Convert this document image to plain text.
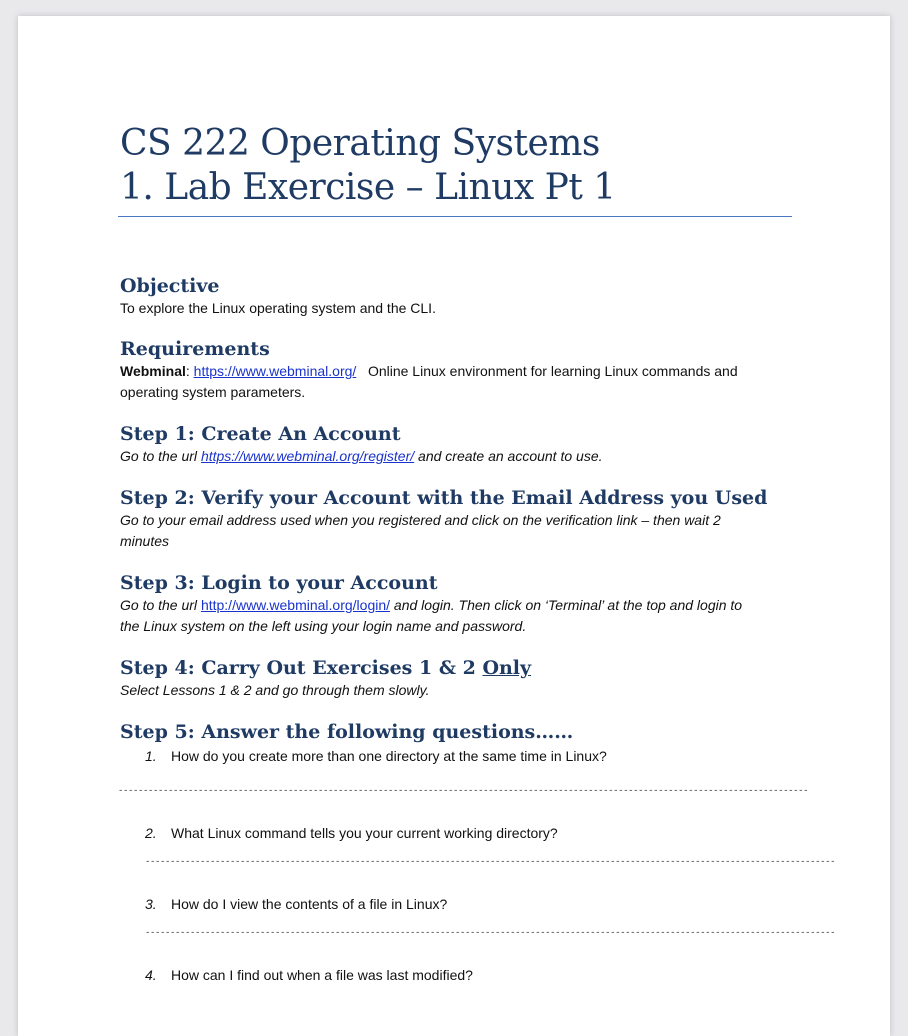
CS 222 Operating Systems
1. Lab Exercise – Linux Pt 1

Objective

To explore the Linux operating system and the CLI.

Requirements

Webminal: https://www.webminal.org/ Online Linux environment for learning Linux commands and
operating system parameters.

Step 1: Create An Account

Go to the url https://www.webminal.org/register/ and create an account to use.

Step 2: Verify your Account with the Email Address you Used

Go to your email address used when you registered and click on the verification link – then wait 2
minutes

Step 3: Login to your Account

Go to the url http://www.webminal.org/login/ and login. Then click on ‘Terminal’ at the top and login to
the Linux system on the left using your login name and password.

Step 4: Carry Out Exercises 1 & 2 Only

Select Lessons 1 & 2 and go through them slowly.

Step 5: Answer the following questions……
1. How do you create more than one directory at the same time in Linux?
------------------------------------------------------------------------------------------------------------------------------------------
2. What Linux command tells you your current working directory?
------------------------------------------------------------------------------------------------------------------------------------------
3. How do I view the contents of a file in Linux?
------------------------------------------------------------------------------------------------------------------------------------------
4. How can I find out when a file was last modified?
